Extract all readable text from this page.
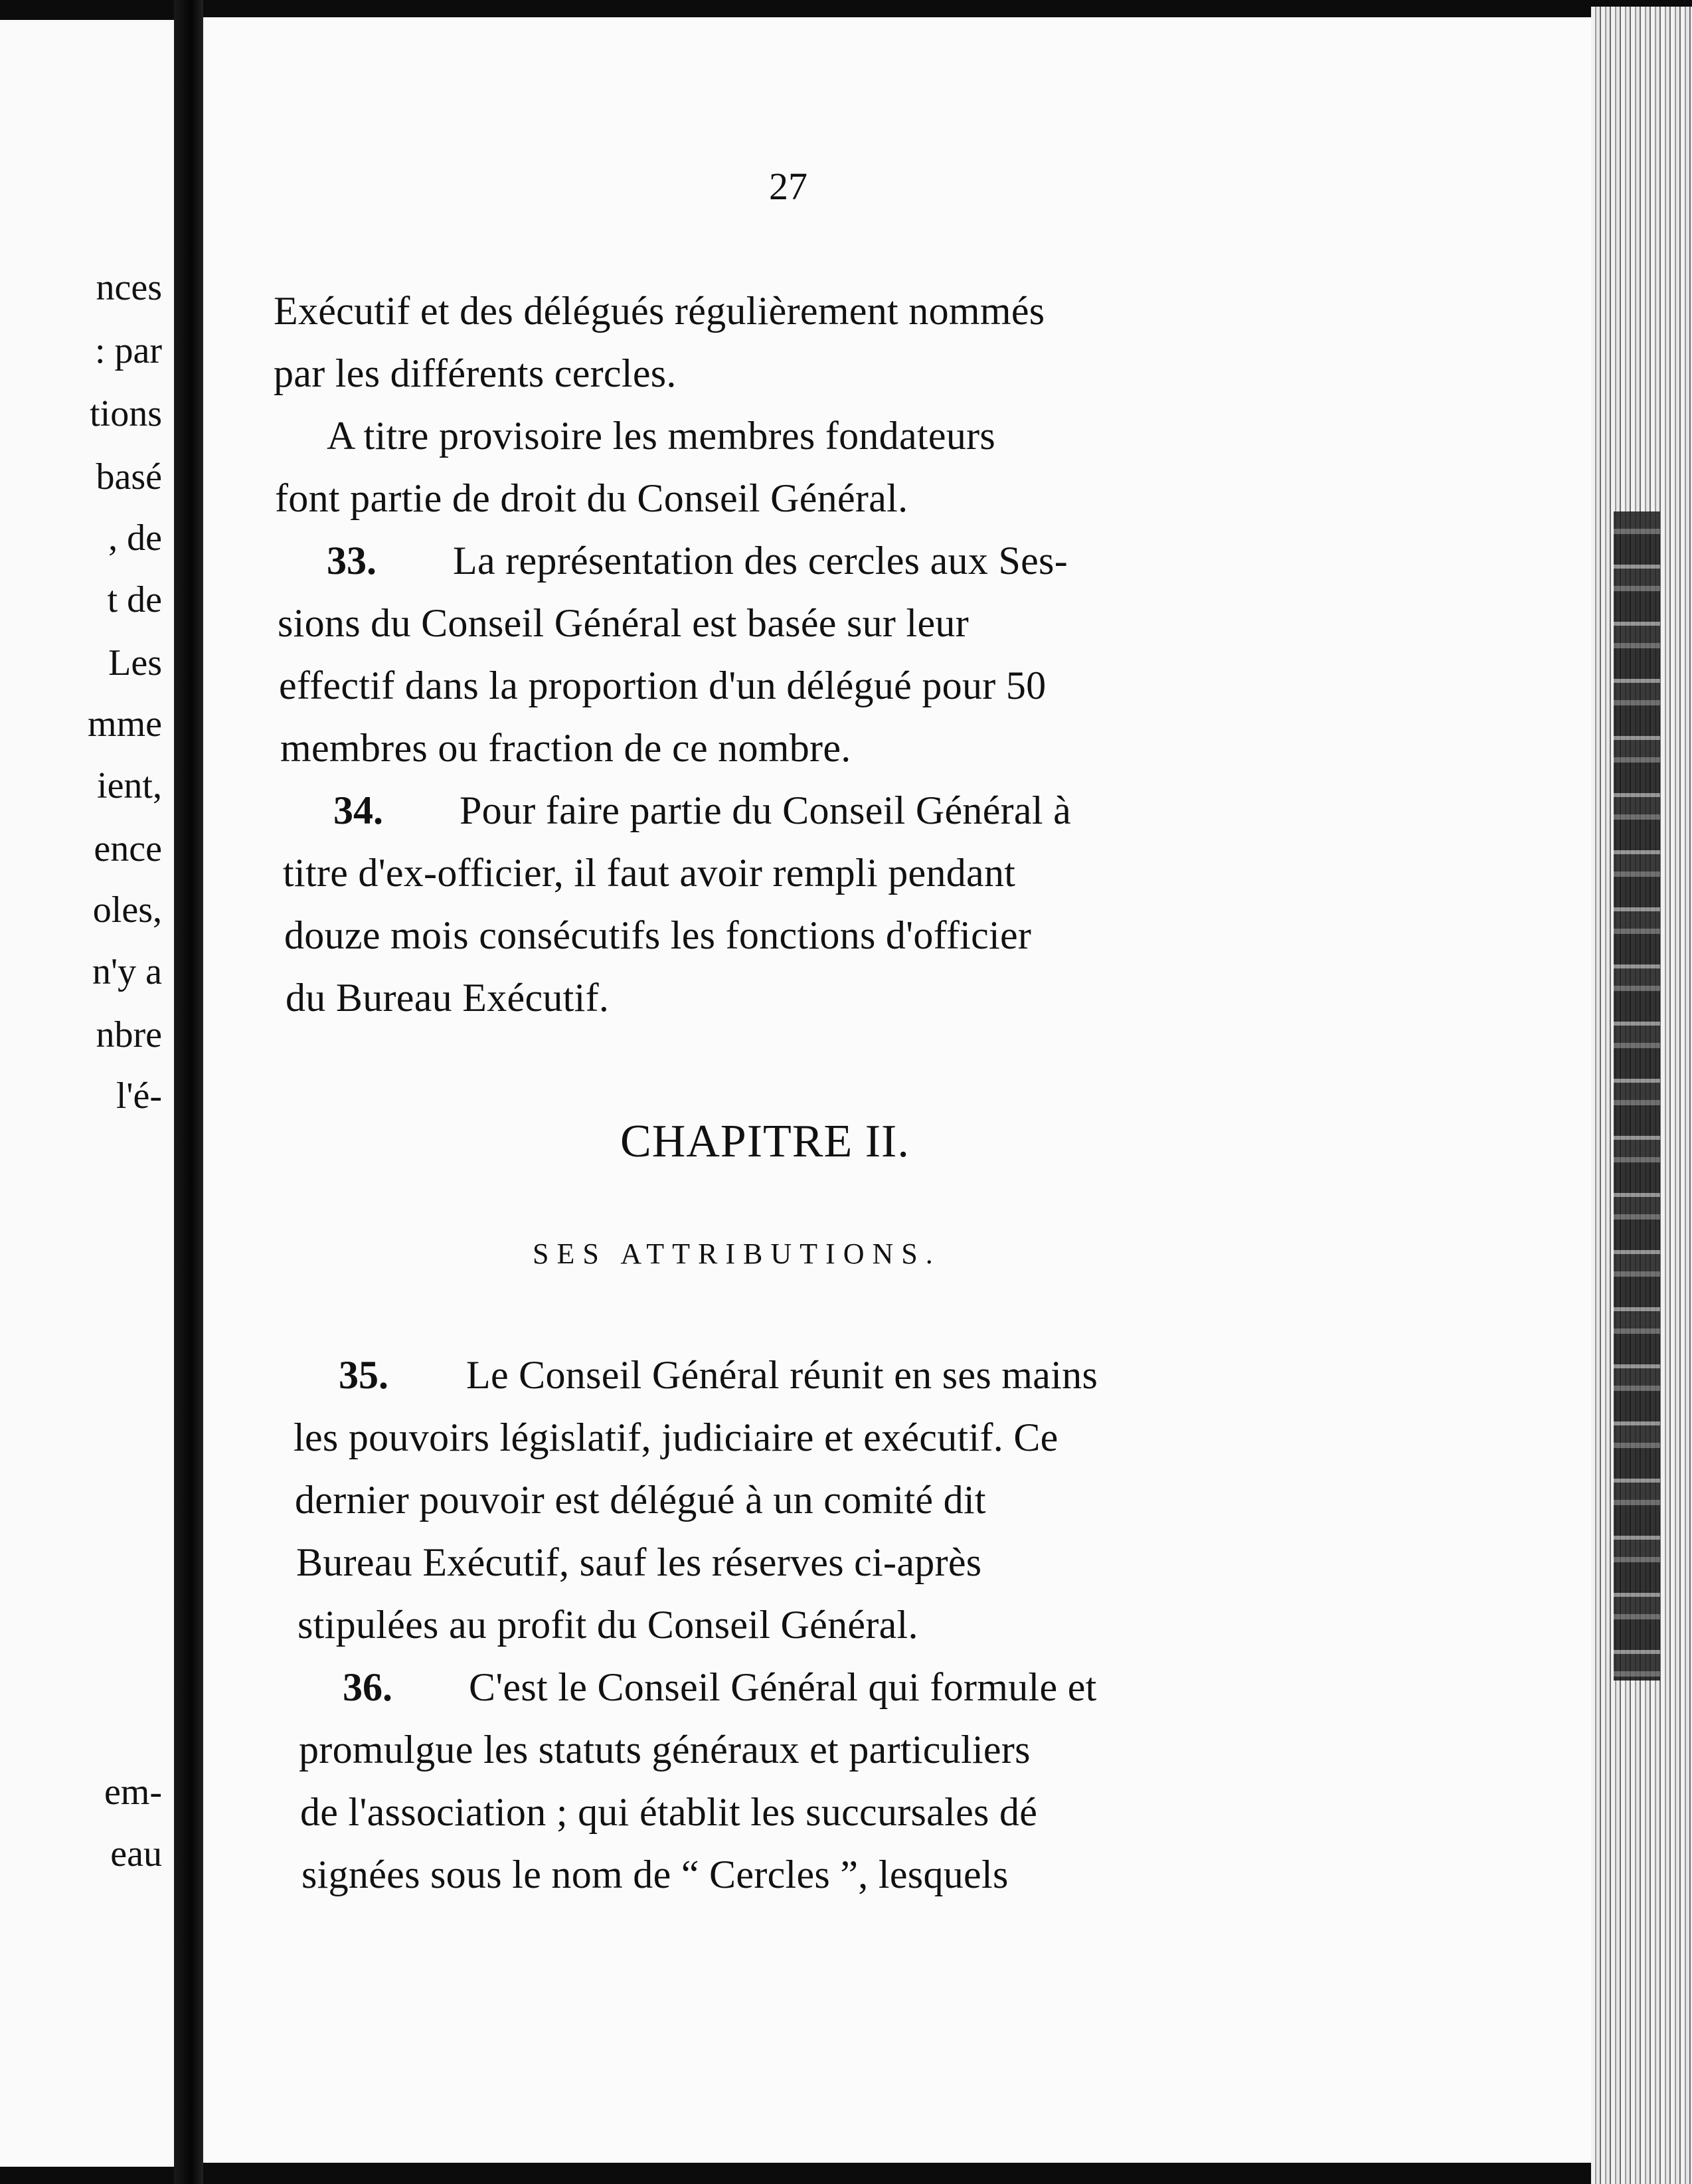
nces
: par
tions
basé
, de
t de
Les
mme
ient,
ence
oles,
n'y a
nbre
l'é-
em-
eau
27
Exécutif et des délégués régulièrement nommés
par les différents cercles.
A titre provisoire les membres fondateurs
font partie de droit du Conseil Général.
33. La représentation des cercles aux Ses-
sions du Conseil Général est basée sur leur
effectif dans la proportion d'un délégué pour 50
membres ou fraction de ce nombre.
34. Pour faire partie du Conseil Général à
titre d'ex-officier, il faut avoir rempli pendant
douze mois consécutifs les fonctions d'officier
du Bureau Exécutif.
CHAPITRE II.
SES ATTRIBUTIONS.
35. Le Conseil Général réunit en ses mains
les pouvoirs législatif, judiciaire et exécutif. Ce
dernier pouvoir est délégué à un comité dit
Bureau Exécutif, sauf les réserves ci-après
stipulées au profit du Conseil Général.
36. C'est le Conseil Général qui formule et
promulgue les statuts généraux et particuliers
de l'association ; qui établit les succursales dé
signées sous le nom de “ Cercles ”, lesquels
